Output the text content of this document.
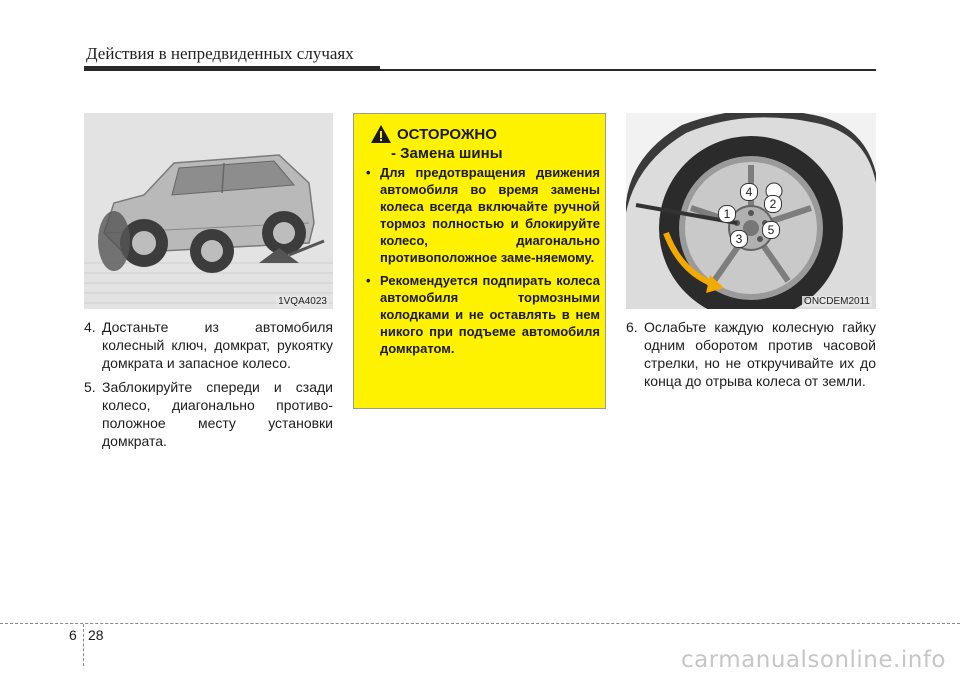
Действия в непредвиденных случаях
1VQA4023
4. Достаньте из автомобиля колесный ключ, домкрат, рукоятку домкрата и запасное колесо.
5. Заблокируйте спереди и сзади колесо, диагонально противо-положное месту установки домкрата.
ОСТОРОЖНО
- Замена шины
• Для предотвращения движения автомобиля во время замены колеса всегда включайте ручной тормоз полностью и блокируйте колесо, диагонально противоположное заме-няемому.
• Рекомендуется подпирать колеса автомобиля тормозными колодками и не оставлять в нем никого при подъеме автомобиля домкратом.
1
4
2
3
5
ONCDEM2011
6. Ослабьте каждую колесную гайку одним оборотом против часовой стрелки, но не откручивайте их до конца до отрыва колеса от земли.
6 28
carmanualsonline.info
